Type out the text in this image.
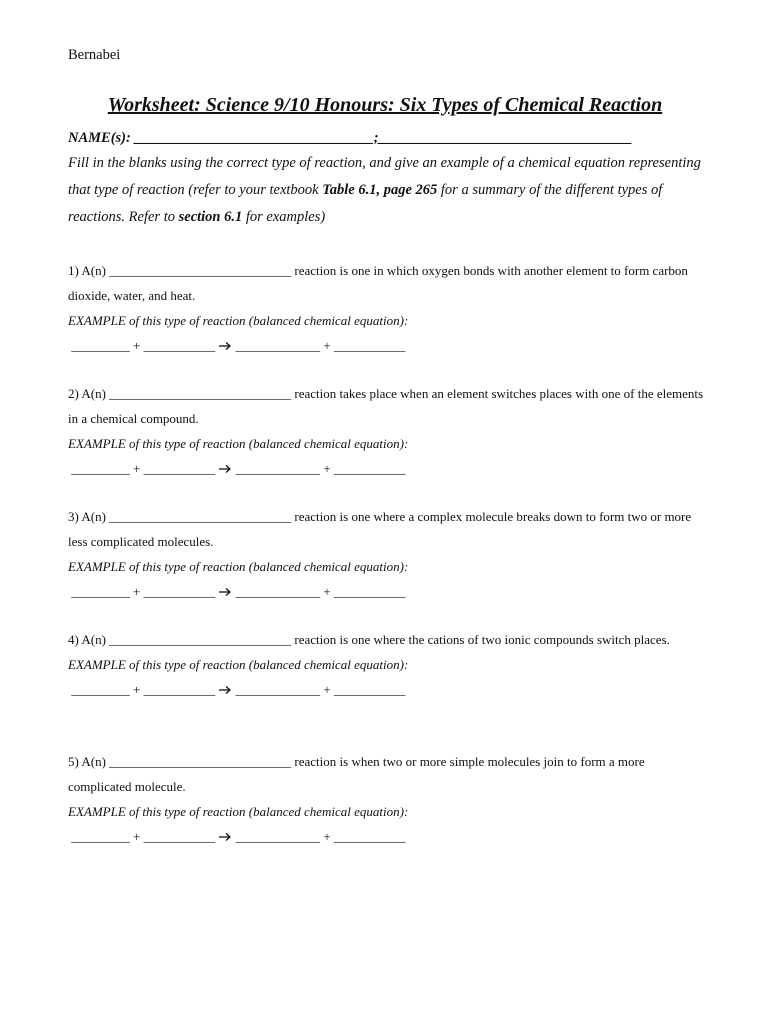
Bernabei
Worksheet: Science 9/10 Honours: Six Types of Chemical Reaction
NAME(s): _________________________________;___________________________________
Fill in the blanks using the correct type of reaction, and give an example of a chemical equation representing that type of reaction (refer to your textbook Table 6.1, page 265 for a summary of the different types of reactions. Refer to section 6.1 for examples)
1) A(n) ____________________________ reaction is one in which oxygen bonds with another element to form carbon dioxide, water, and heat.
EXAMPLE of this type of reaction (balanced chemical equation):
_________ + ___________ _____________ + ___________
2) A(n) ____________________________ reaction takes place when an element switches places with one of the elements in a chemical compound.
EXAMPLE of this type of reaction (balanced chemical equation):
_________ + ___________ _____________ + ___________
3) A(n) ____________________________ reaction is one where a complex molecule breaks down to form two or more less complicated molecules.
EXAMPLE of this type of reaction (balanced chemical equation):
_________ + ___________ _____________ + ___________
4) A(n) ____________________________ reaction is one where the cations of two ionic compounds switch places.
EXAMPLE of this type of reaction (balanced chemical equation):
_________ + ___________ _____________ + ___________
5) A(n) ____________________________ reaction is when two or more simple molecules join to form a more complicated molecule.
EXAMPLE of this type of reaction (balanced chemical equation):
_________ + ___________ _____________ + ___________
